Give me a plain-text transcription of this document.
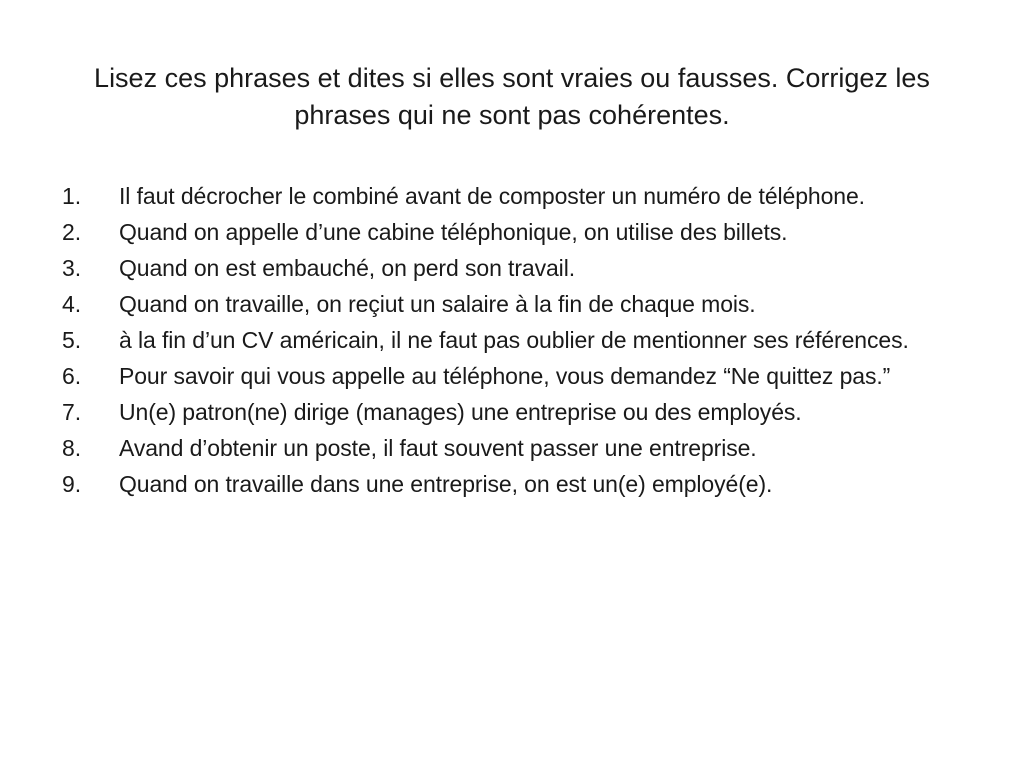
Lisez ces phrases et dites si elles sont vraies ou fausses. Corrigez les phrases qui ne sont pas cohérentes.
1.	Il faut décrocher le combiné avant de composter un numéro de téléphone.
2.	Quand on appelle d’une cabine téléphonique, on utilise des billets.
3.	Quand on est embauché, on perd son travail.
4.	Quand on travaille, on reçiut un salaire à la fin de chaque mois.
5.	à la fin d’un CV américain, il ne faut pas oublier de mentionner ses références.
6.	Pour savoir qui vous appelle au téléphone, vous demandez “Ne quittez pas.”
7.	Un(e) patron(ne) dirige (manages) une entreprise ou des employés.
8.	Avand d’obtenir un poste, il faut souvent passer une entreprise.
9.	Quand on travaille dans une entreprise, on est un(e) employé(e).
